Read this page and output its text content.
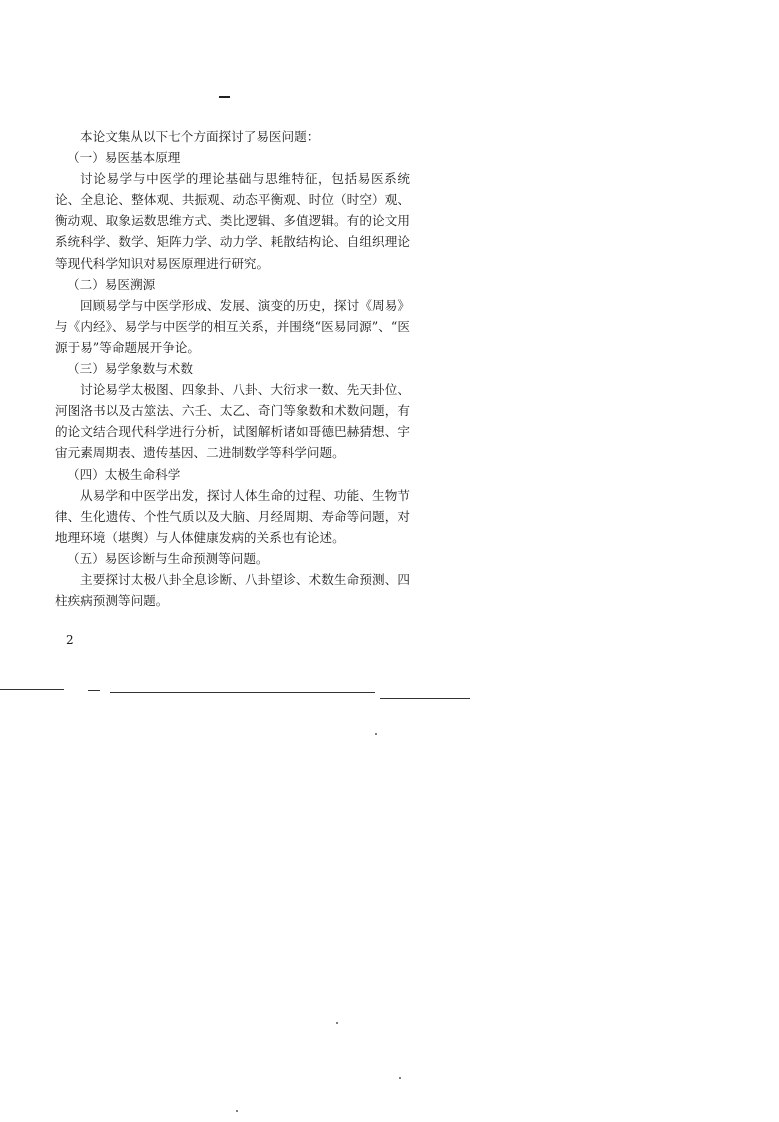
本论文集从以下七个方面探讨了易医问题：

（一）易医基本原理

讨论易学与中医学的理论基础与思维特征，包括易医系统论、全息论、整体观、共振观、动态平衡观、时位（时空）观、衡动观、取象运数思维方式、类比逻辑、多值逻辑。有的论文用系统科学、数学、矩阵力学、动力学、耗散结构论、自组织理论等现代科学知识对易医原理进行研究。

（二）易医溯源

回顾易学与中医学形成、发展、演变的历史，探讨《周易》与《内经》、易学与中医学的相互关系，并围绕“医易同源”、“医源于易”等命题展开争论。

（三）易学象数与术数

讨论易学太极图、四象卦、八卦、大衍求一数、先天卦位、河图洛书以及古筮法、六壬、太乙、奇门等象数和术数问题，有的论文结合现代科学进行分析，试图解析诸如哥德巴赫猜想、宇宙元素周期表、遗传基因、二进制数学等科学问题。

（四）太极生命科学

从易学和中医学出发，探讨人体生命的过程、功能、生物节律、生化遗传、个性气质以及大脑、月经周期、寿命等问题，对地理环境（堪舆）与人体健康发病的关系也有论述。

（五）易医诊断与生命预测等问题。

主要探讨太极八卦全息诊断、八卦望诊、术数生命预测、四柱疾病预测等问题。

2
